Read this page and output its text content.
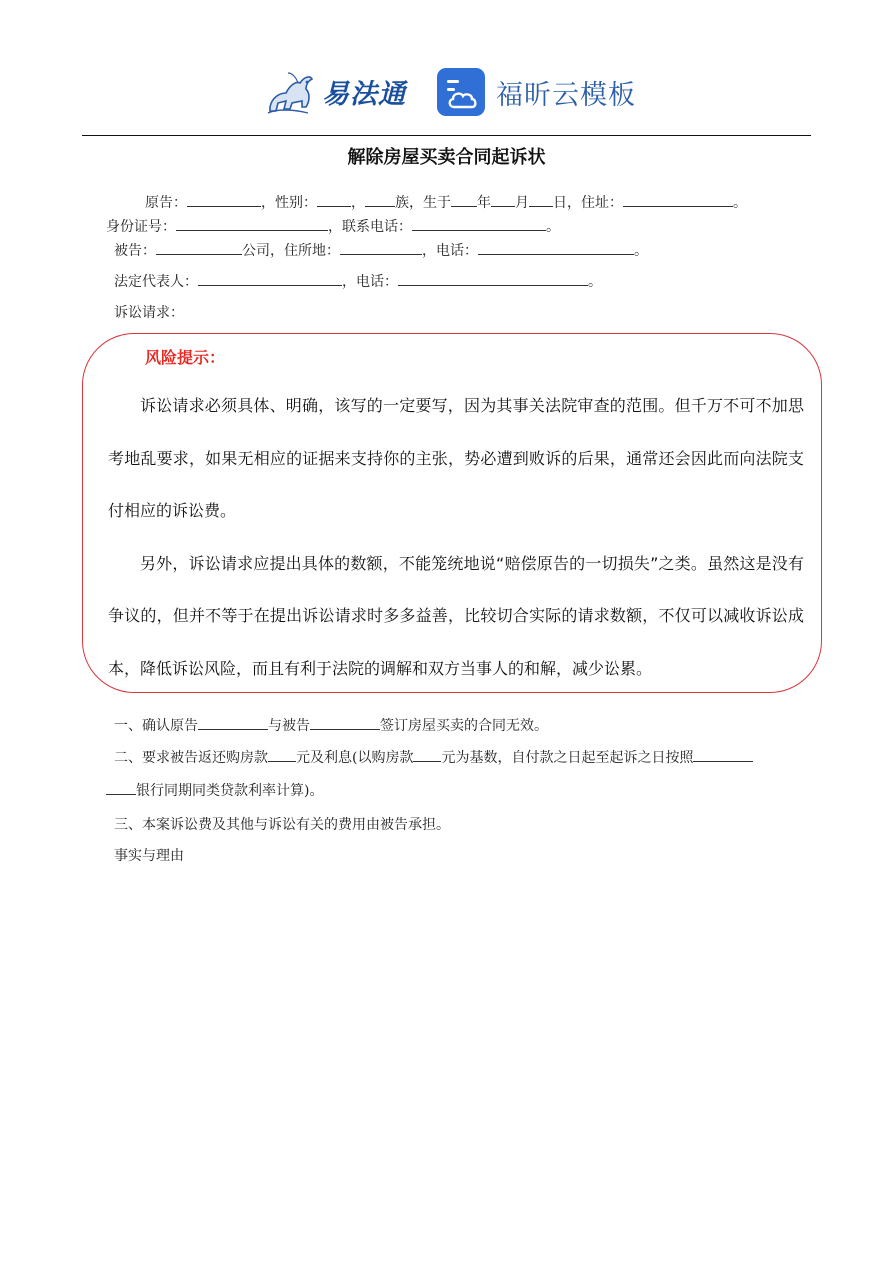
易法通	福昕云模板
解除房屋买卖合同起诉状
原告：	，性别： ， 族，生于 年 月 日，住址：	。
身份证号：	，联系电话：	。
被告：	公司，住所地：	，电话：	。
法定代表人：	，电话：	。
诉讼请求：
风险提示：

诉讼请求必须具体、明确，该写的一定要写，因为其事关法院审查的范围。但千万不可不加思考地乱要求，如果无相应的证据来支持你的主张，势必遭到败诉的后果，通常还会因此而向法院支付相应的诉讼费。

另外，诉讼请求应提出具体的数额，不能笼统地说“赔偿原告的一切损失”之类。虽然这是没有争议的，但并不等于在提出诉讼请求时多多益善，比较切合实际的请求数额，不仅可以减收诉讼成本，降低诉讼风险，而且有利于法院的调解和双方当事人的和解，减少讼累。

一、确认原告	与被告	签订房屋买卖的合同无效。
二、要求被告返还购房款 元及利息(以购房款 元为基数，自付款之日起至起诉之日按照
银行同期同类贷款利率计算)。
三、本案诉讼费及其他与诉讼有关的费用由被告承担。
事实与理由
